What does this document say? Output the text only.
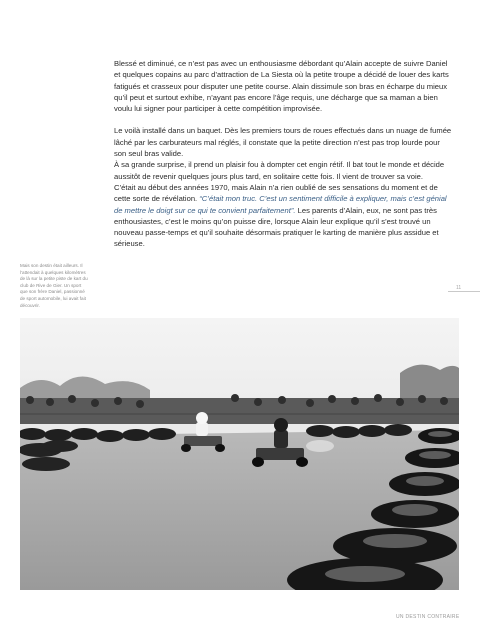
Blessé et diminué, ce n’est pas avec un enthousiasme débordant qu’Alain accepte de suivre Daniel et quelques copains au parc d’attraction de La Siesta où la petite troupe a décidé de louer des karts fatigués et crasseux pour disputer une petite course. Alain dissimule son bras en écharpe du mieux qu’il peut et surtout exhibe, n’ayant pas encore l’âge requis, une décharge que sa maman a bien voulu lui signer pour participer à cette compétition improvisée.

Le voilà installé dans un baquet. Dès les premiers tours de roues effectués dans un nuage de fumée lâché par les carburateurs mal réglés, il constate que la petite direction n’est pas trop lourde pour son seul bras valide.

À sa grande surprise, il prend un plaisir fou à dompter cet engin rétif. Il bat tout le monde et décide aussitôt de revenir quelques jours plus tard, en solitaire cette fois. Il vient de trouver sa voie.

C’était au début des années 1970, mais Alain n’a rien oublié de ses sensations du moment et de cette sorte de révélation. “C’était mon truc. C’est un sentiment difficile à expliquer, mais c’est génial de mettre le doigt sur ce qui te convient parfaitement”. Les parents d’Alain, eux, ne sont pas très enthousiastes, c’est le moins qu’on puisse dire, lorsque Alain leur explique qu’il s’est trouvé un nouveau passe-temps et qu’il souhaite désormais pratiquer le karting de manière plus assidue et sérieuse.

Mais son destin était ailleurs. Il l’attendait à quelques kilomètres de là sur la petite piste de kart du club de Rive de Gier. Un sport que son frère Daniel, passionné de sport automobile, lui avait fait découvrir.
11
UN DESTIN CONTRAIRE
